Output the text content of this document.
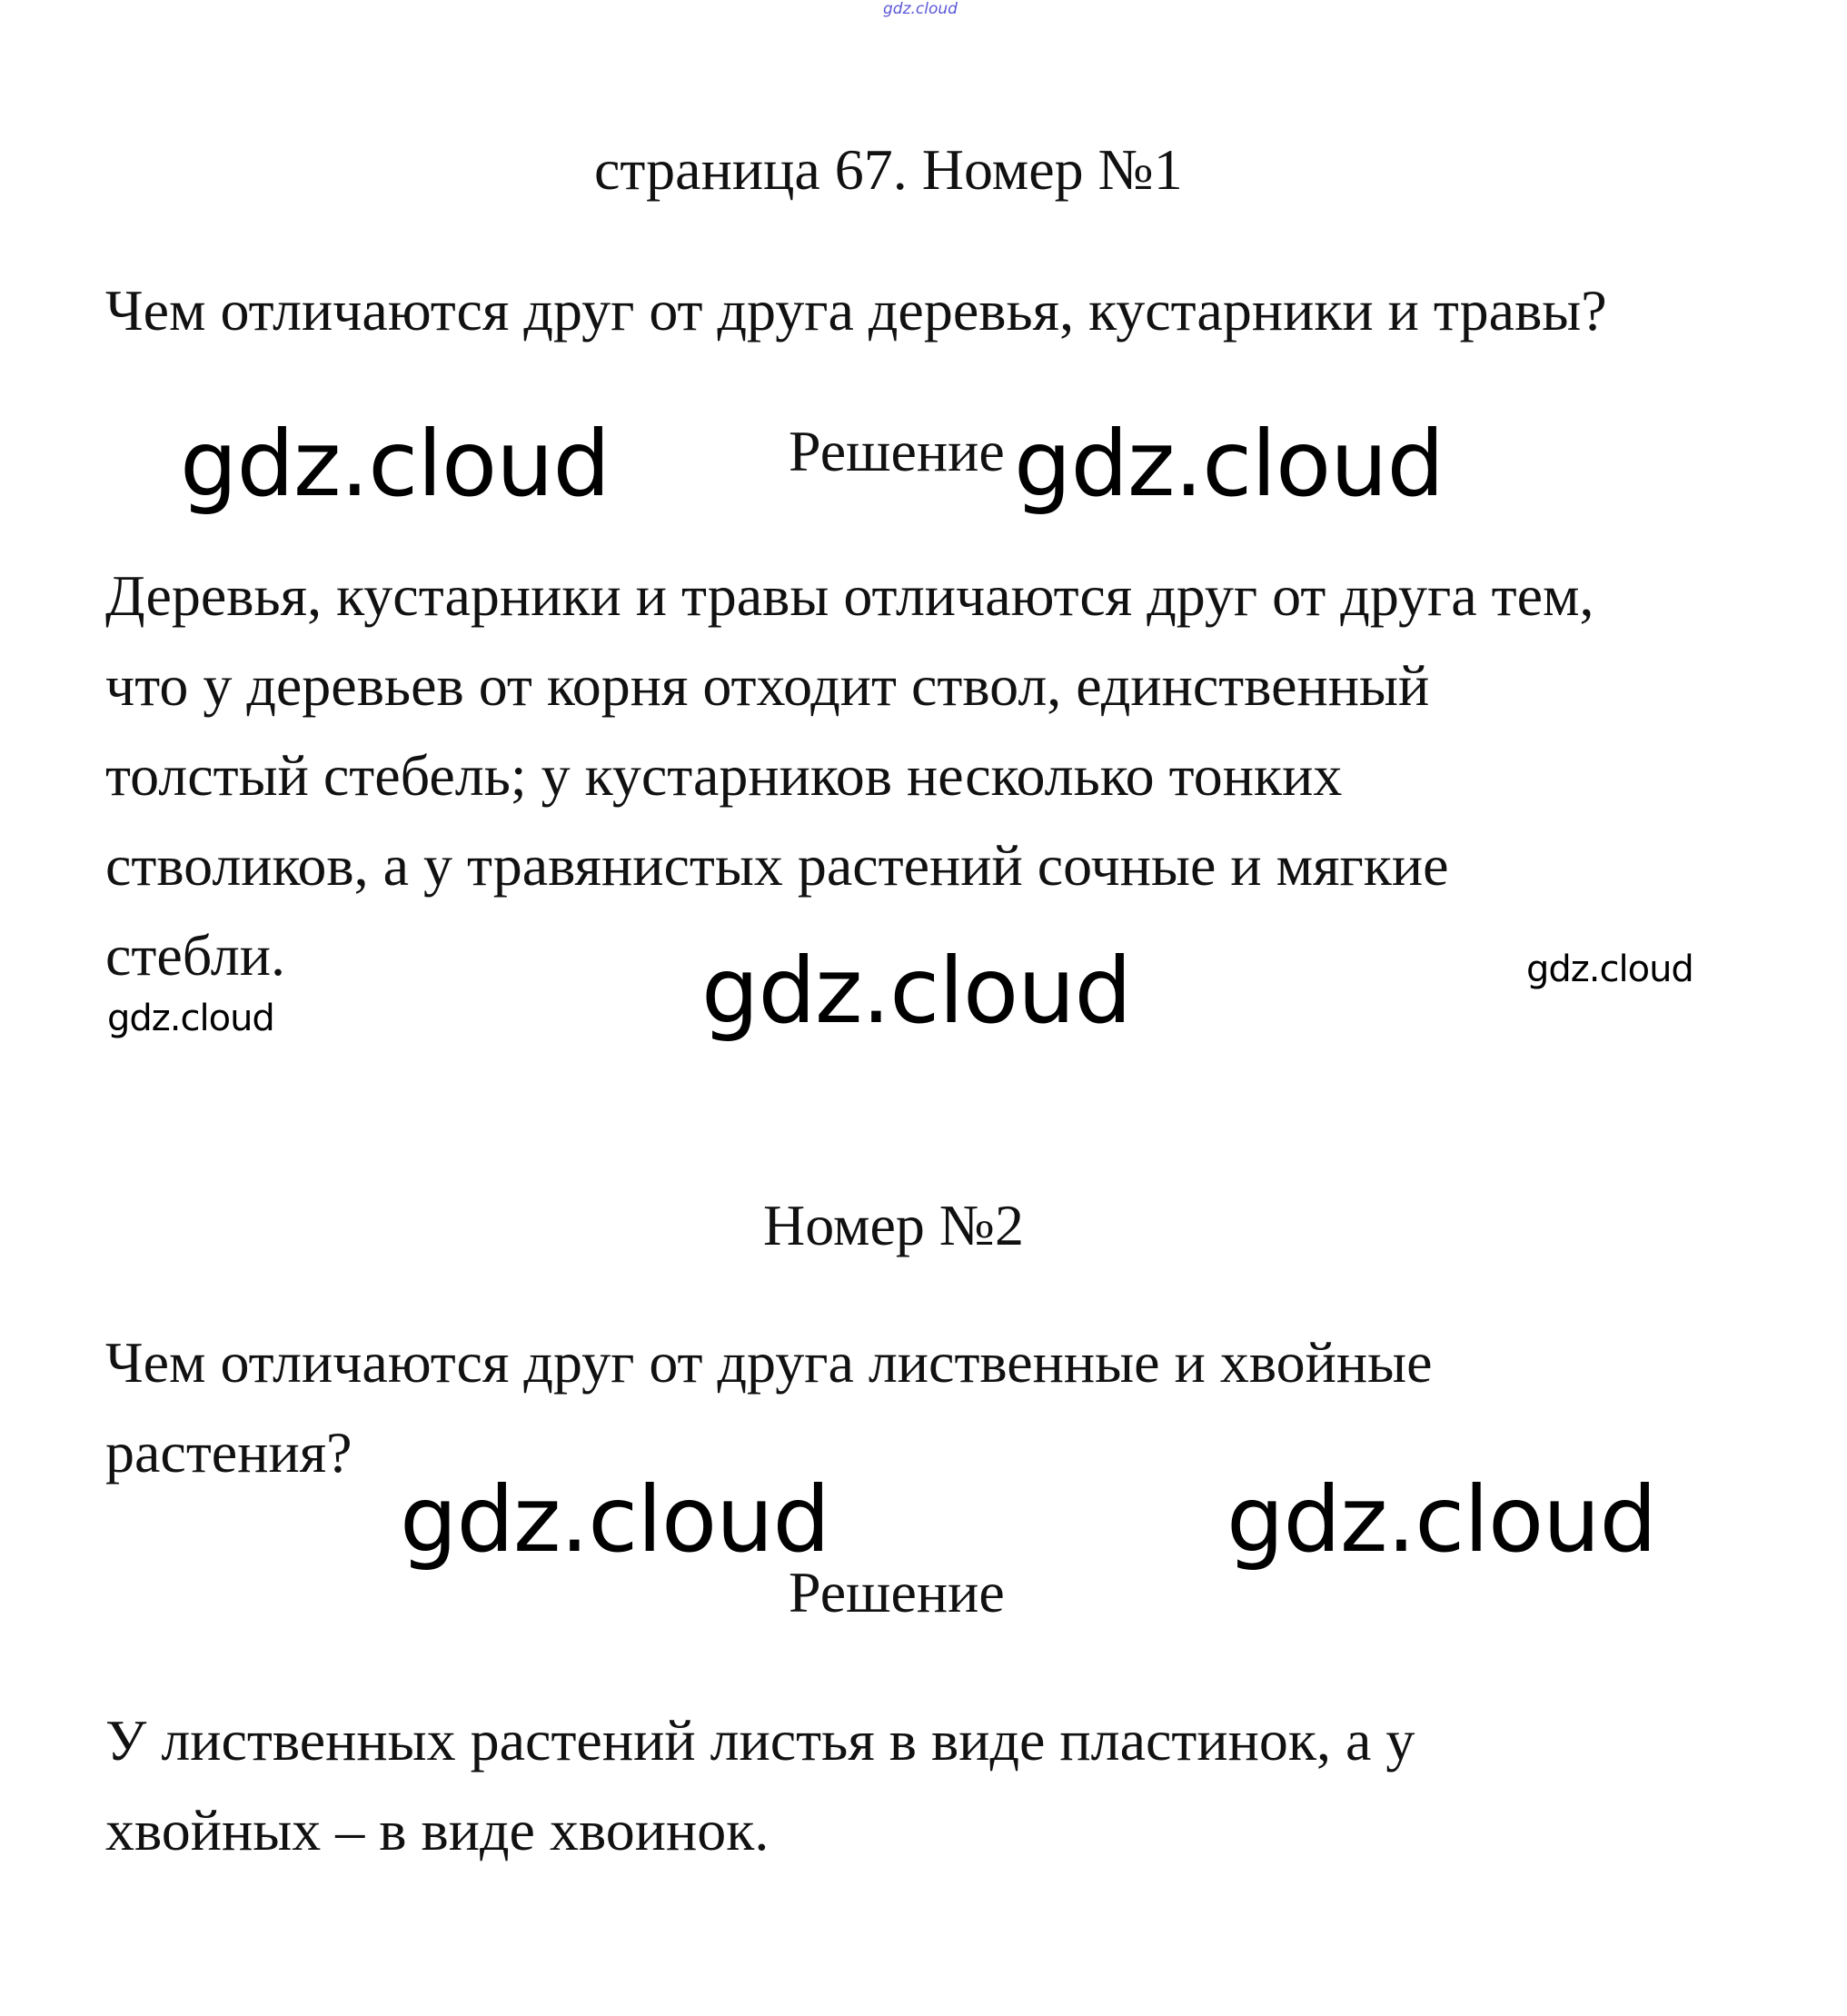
gdz.cloud
страница 67. Номер №1
Чем отличаются друг от друга деревья, кустарники и травы?
Решение
Деревья, кустарники и травы отличаются друг от друга тем,
что у деревьев от корня отходит ствол, единственный
толстый стебель; у кустарников несколько тонких
стволиков, а у травянистых растений сочные и мягкие
стебли.
Номер №2
Чем отличаются друг от друга лиственные и хвойные
растения?
Решение
У лиственных растений листья в виде пластинок, а у
хвойных – в виде хвоинок.
gdz.cloud	gdz.cloud
gdz.cloud	gdz.cloud
gdz.cloud
gdz.cloud	gdz.cloud
